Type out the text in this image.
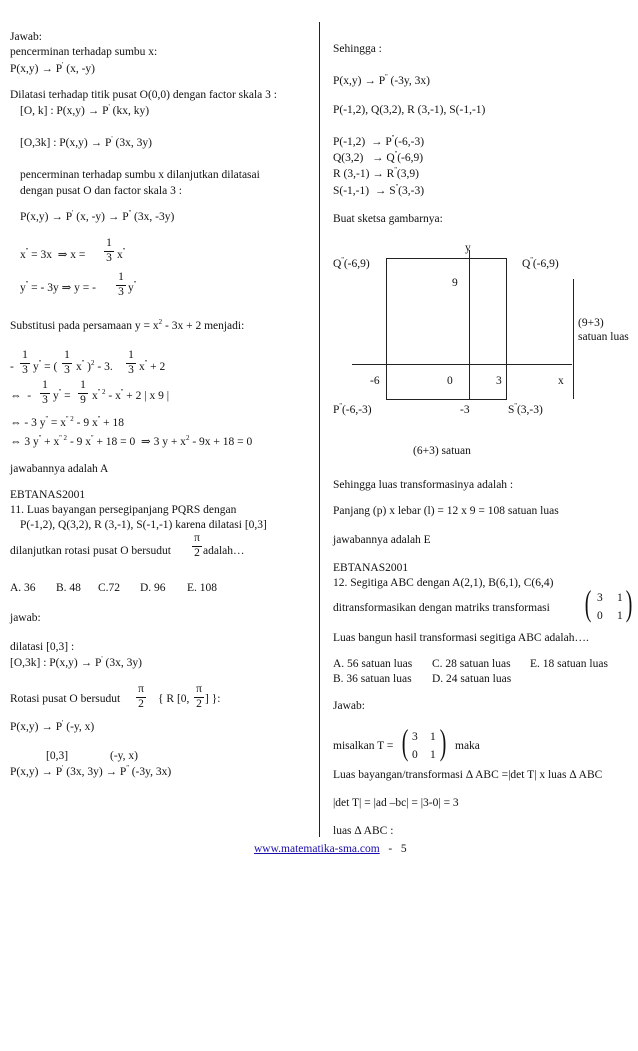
Jawab:
pencerminan terhadap sumbu x:
P(x,y) → P' (x, -y)
Dilatasi terhadap titik pusat O(0,0) dengan factor skala 3 :
[O, k] : P(x,y) → P' (kx, ky)
[O,3k] : P(x,y) → P' (3x, 3y)
pencerminan terhadap sumbu x dilanjutkan dilatasai
dengan pusat O dan factor skala 3 :
P(x,y) → P' (x, -y) → P'' (3x, -3y)
x'' = 3x ⇒ x =
1
3 x''
y'' = - 3y ⇒ y = -
1
3 y''
Substitusi pada persamaan $y = x^2 - 3x + 2$ menjadi:
-
1
3 y'' = (
1
3 x'' )$^2$ - 3.
1
3 x'' + 2
⇔ -
1
3 y'' =
1
9 $x^{'' 2} - x'' + 2$ | x 9 |
⇔ - 3 $y'' = x^{'' 2} - 9$ x'' + 18
⇔ 3 $y'' + x^{'' 2} - 9$ x'' + 18 = 0 ⇒ 3 $y + x^2 - 9x + 18 = 0$
jawabannya adalah A
EBTANAS2001
11. Luas bayangan persegipanjang PQRS dengan
P(-1,2), Q(3,2), R (3,-1), S(-1,-1) karena dilatasi [0,3]
dilanjutkan rotasi pusat O bersudut
π
2 adalah…
A. 36 B. 48 C.72 D. 96 E. 108
jawab:
dilatasi [0,3] :
[O,3k] : P(x,y) → P' (3x, 3y)
Rotasi pusat O bersudut
π
2 { R [0,
π
2 ] }:
P(x,y) → P' (-y, x)
[0,3]	(-y, x)
P(x,y) → P' (3x, 3y) → P'' (-3y, 3x)
Sehingga :
P(x,y) → P'' (-3y, 3x)
P(-1,2), Q(3,2), R (3,-1), S(-1,-1)
P(-1,2) → P''(-6,-3)
Q(3,2) → Q''(-6,9)
R (3,-1) → R''(3,9)
S(-1,-1) → S''(3,-3)
Buat sketsa gambarnya:
y
Q''(-6,9)	Q''(-6,9)
9
(9+3)
satuan luas
-6	0	3	x
P''(-6,-3)	-3	S''(3,-3)
(6+3) satuan
Sehingga luas transformasinya adalah :
Panjang (p) x lebar (l) = 12 x 9 = 108 satuan luas
jawabannya adalah E
EBTANAS2001
12. Segitiga ABC dengan A(2,1), B(6,1), C(6,4)
ditransformasikan dengan matriks transformasi ( 3 1
0 1 )
Luas bangun hasil transformasi segitiga ABC adalah….
A. 56 satuan luas C. 28 satuan luas E. 18 satuan luas
B. 36 satuan luas D. 24 satuan luas
Jawab:
misalkan T = ( 3 1
0 1 ) maka
Luas bayangan/transformasi ∆ ABC =|det T| x luas ∆ ABC
|det T| = |ad –bc| = |3-0| = 3
luas ∆ ABC :
www.matematika-sma.com - 5
